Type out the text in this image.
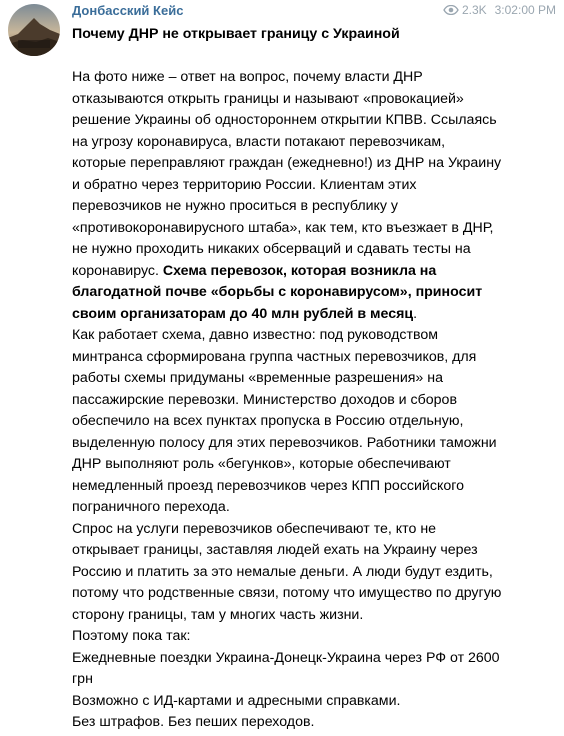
Донбасский Кейс	2.3K 3:02:00 PM

Почему ДНР не открывает границу с Украиной

На фото ниже – ответ на вопрос, почему власти ДНР отказываются открыть границы и называют «провокацией» решение Украины об одностороннем открытии КПВВ. Ссылаясь на угрозу коронавируса, власти потакают перевозчикам, которые переправляют граждан (ежедневно!) из ДНР на Украину и обратно через территорию России. Клиентам этих перевозчиков не нужно проситься в республику у «противокоронавирусного штаба», как тем, кто въезжает в ДНР, не нужно проходить никаких обсерваций и сдавать тесты на коронавирус. Схема перевозок, которая возникла на благодатной почве «борьбы с коронавирусом», приносит своим организаторам до 40 млн рублей в месяц.

Как работает схема, давно известно: под руководством минтранса сформирована группа частных перевозчиков, для работы схемы придуманы «временные разрешения» на пассажирские перевозки. Министерство доходов и сборов обеспечило на всех пунктах пропуска в Россию отдельную, выделенную полосу для этих перевозчиков. Работники таможни ДНР выполняют роль «бегунков», которые обеспечивают немедленный проезд перевозчиков через КПП российского пограничного перехода.

Спрос на услуги перевозчиков обеспечивают те, кто не открывает границы, заставляя людей ехать на Украину через Россию и платить за это немалые деньги. А люди будут ездить, потому что родственные связи, потому что имущество по другую сторону границы, там у многих часть жизни.

Поэтому пока так:

Ежедневные поездки Украина-Донецк-Украина через РФ от 2600 грн

Возможно с ИД-картами и адресными справками.

Без штрафов. Без пеших переходов.
